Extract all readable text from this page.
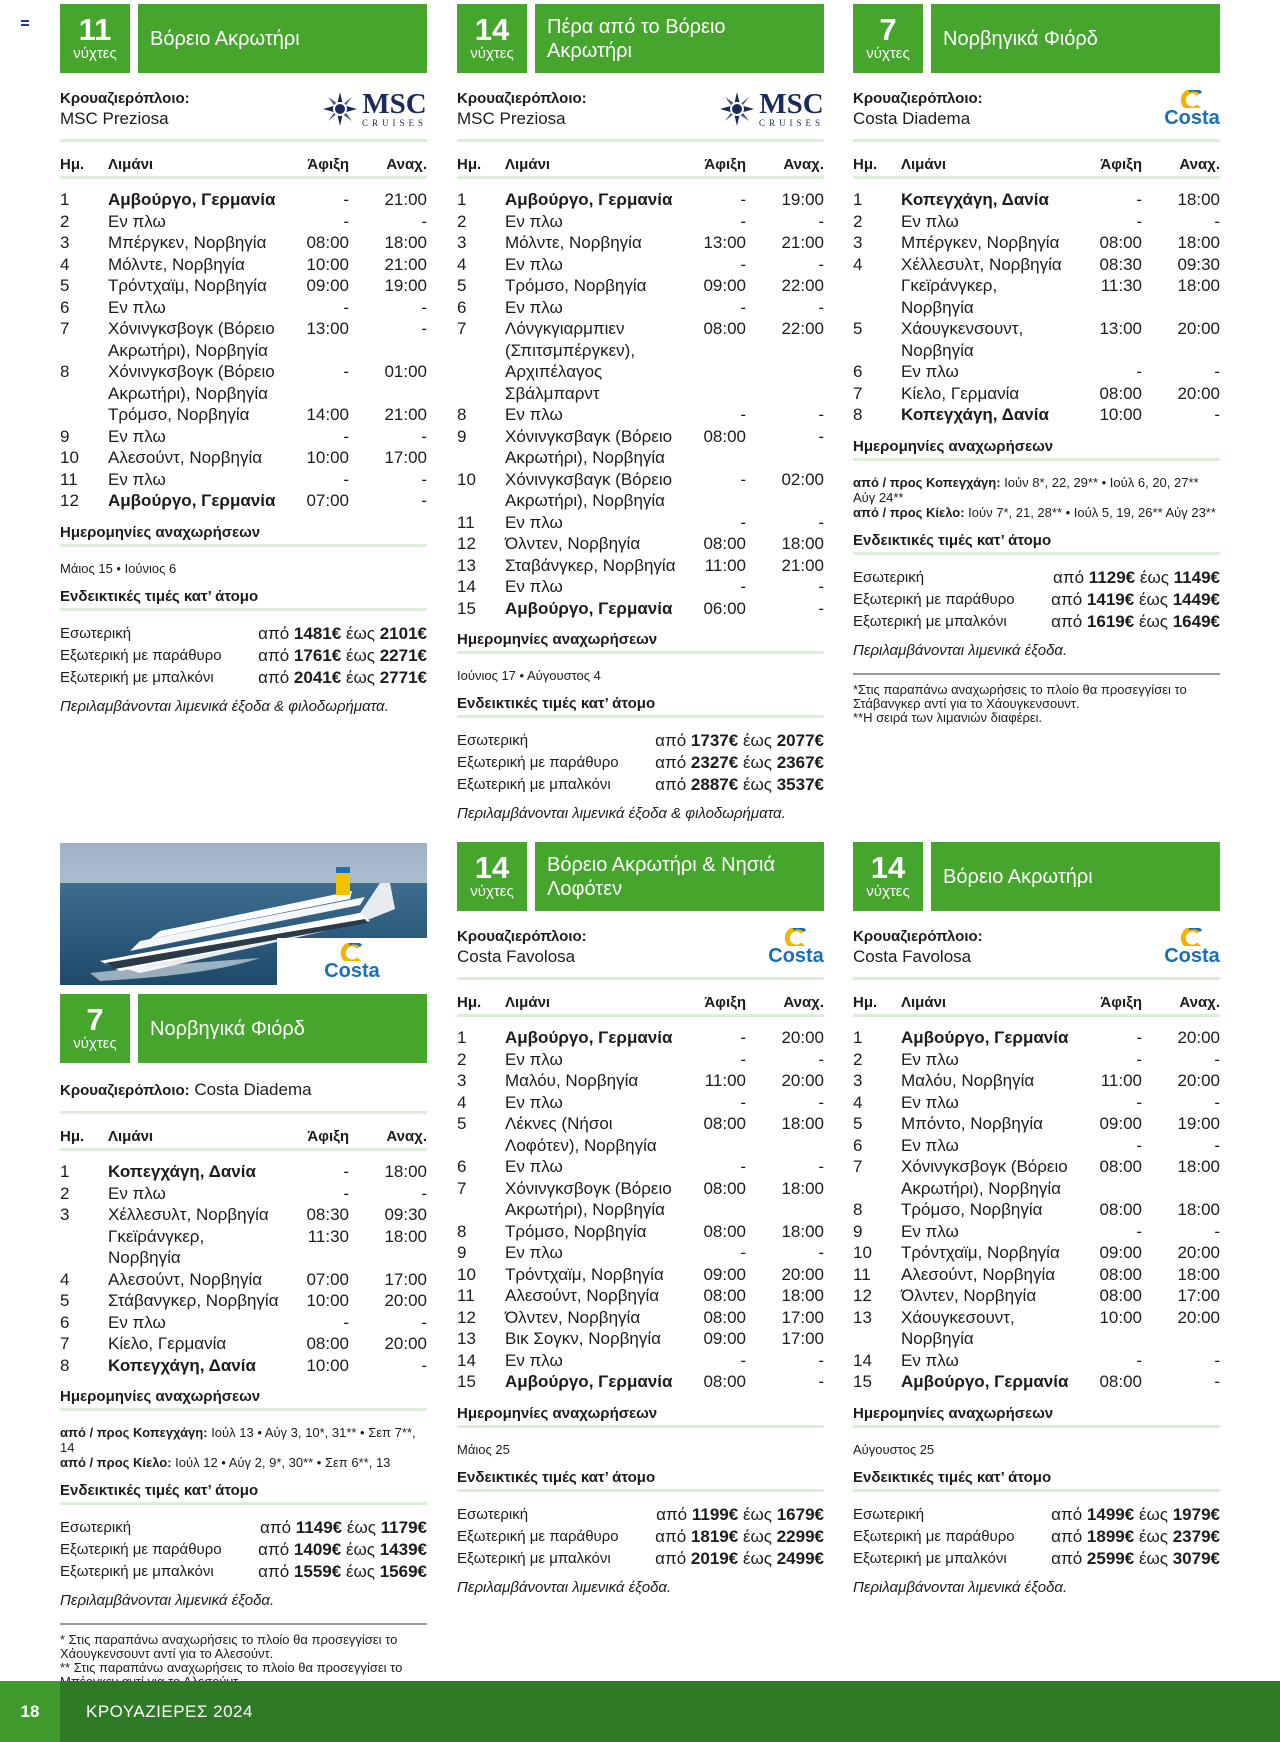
11
νύχτες
Βόρειο Ακρωτήρι
Κρουαζιερόπλοιο:
MSC Preziosa	MSC
CRUISES
Ημ.	Λιμάνι	Άφιξη	Αναχ.

1	Αμβούργο, Γερμανία	-	21:00
2	Εν πλω	-	-
3	Μπέργκεν, Νορβηγία	08:00	18:00
4	Μόλντε, Νορβηγία	10:00	21:00
5	Τρόντχαϊμ, Νορβηγία	09:00	19:00
6	Εν πλω	-	-
7	Χόνινγκσβογκ (Βόρειο Ακρωτήρι), Νορβηγία	13:00	-
8	Χόνινγκσβογκ (Βόρειο Ακρωτήρι), Νορβηγία	-	01:00
	Τρόμσο, Νορβηγία	14:00	21:00
9	Εν πλω	-	-
10	Αλεσούντ, Νορβηγία	10:00	17:00
11	Εν πλω	-	-
12	Αμβούργο, Γερμανία	07:00	-
Ημερομηνίες αναχωρήσεων
Μάιος 15 • Ιούνιος 6
Ενδεικτικές τιμές κατ’ άτομο
Εσωτερική	από 1481€ έως 2101€
Εξωτερική με παράθυρο	από 1761€ έως 2271€
Εξωτερική με μπαλκόνι	από 2041€ έως 2771€
Περιλαμβάνονται λιμενικά έξοδα & φιλοδωρήματα.
14
νύχτες
Πέρα από το Βόρειο Ακρωτήρι
Κρουαζιερόπλοιο:
MSC Preziosa	MSC
CRUISES
Ημ.	Λιμάνι	Άφιξη	Αναχ.

1	Αμβούργο, Γερμανία	-	19:00
2	Εν πλω	-	-
3	Μόλντε, Νορβηγία	13:00	21:00
4	Εν πλω	-	-
5	Τρόμσο, Νορβηγία	09:00	22:00
6	Εν πλω	-	-
7	Λόνγκγιαρμπιεν (Σπιτσμπέργκεν), Αρχιπέλαγος Σβάλμπαρντ	08:00	22:00
8	Εν πλω	-	-
9	Χόνινγκσβαγκ (Βόρειο Ακρωτήρι), Νορβηγία	08:00	-
10	Χόνινγκσβαγκ (Βόρειο Ακρωτήρι), Νορβηγία	-	02:00
11	Εν πλω	-	-
12	Όλντεν, Νορβηγία	08:00	18:00
13	Σταβάνγκερ, Νορβηγία	11:00	21:00
14	Εν πλω	-	-
15	Αμβούργο, Γερμανία	06:00	-
Ημερομηνίες αναχωρήσεων
Ιούνιος 17 • Αύγουστος 4
Ενδεικτικές τιμές κατ’ άτομο
Εσωτερική	από 1737€ έως 2077€
Εξωτερική με παράθυρο	από 2327€ έως 2367€
Εξωτερική με μπαλκόνι	από 2887€ έως 3537€
Περιλαμβάνονται λιμενικά έξοδα & φιλοδωρήματα.
7
νύχτες
Νορβηγικά Φιόρδ
Κρουαζιερόπλοιο:
Costa Diadema	Costa
Ημ.	Λιμάνι	Άφιξη	Αναχ.

1	Κοπεγχάγη, Δανία	-	18:00
2	Εν πλω	-	-
3	Μπέργκεν, Νορβηγία	08:00	18:00
4	Χέλλεσυλτ, Νορβηγία	08:30	09:30
	Γκεϊράνγκερ, Νορβηγία	11:30	18:00
5	Χάουγκενσουντ, Νορβηγία	13:00	20:00
6	Εν πλω	-	-
7	Κίελο, Γερμανία	08:00	20:00
8	Κοπεγχάγη, Δανία	10:00	-
Ημερομηνίες αναχωρήσεων
από / προς Κοπεγχάγη: Ιούν 8*, 22, 29** • Ιούλ 6, 20, 27** Αύγ 24**
από / προς Κίελο: Ιούν 7*, 21, 28** • Ιούλ 5, 19, 26** Αύγ 23**
Ενδεικτικές τιμές κατ’ άτομο
Εσωτερική	από 1129€ έως 1149€
Εξωτερική με παράθυρο	από 1419€ έως 1449€
Εξωτερική με μπαλκόνι	από 1619€ έως 1649€
Περιλαμβάνονται λιμενικά έξοδα.
*Στις παραπάνω αναχωρήσεις το πλοίο θα προσεγγίσει το Στάβανγκερ αντί για το Χάουγκενσουντ.
**Η σειρά των λιμανιών διαφέρει.
Costa
7
νύχτες
Νορβηγικά Φιόρδ
Κρουαζιερόπλοιο: Costa Diadema
Ημ.	Λιμάνι	Άφιξη	Αναχ.

1	Κοπεγχάγη, Δανία	-	18:00
2	Εν πλω	-	-
3	Χέλλεσυλτ, Νορβηγία	08:30	09:30
	Γκεϊράνγκερ, Νορβηγία	11:30	18:00
4	Αλεσούντ, Νορβηγία	07:00	17:00
5	Στάβανγκερ, Νορβηγία	10:00	20:00
6	Εν πλω	-	-
7	Κίελο, Γερμανία	08:00	20:00
8	Κοπεγχάγη, Δανία	10:00	-
Ημερομηνίες αναχωρήσεων
από / προς Κοπεγχάγη: Ιούλ 13 • Αύγ 3, 10*, 31** • Σεπ 7**, 14
από / προς Κίελο: Ιούλ 12 • Αύγ 2, 9*, 30** • Σεπ 6**, 13
Ενδεικτικές τιμές κατ’ άτομο
Εσωτερική	από 1149€ έως 1179€
Εξωτερική με παράθυρο	από 1409€ έως 1439€
Εξωτερική με μπαλκόνι	από 1559€ έως 1569€
Περιλαμβάνονται λιμενικά έξοδα.
* Στις παραπάνω αναχωρήσεις το πλοίο θα προσεγγίσει το Χάουγκενσουντ αντί για το Αλεσούντ.
** Στις παραπάνω αναχωρήσεις το πλοίο θα προσεγγίσει το
14
νύχτες
Βόρειο Ακρωτήρι & Νησιά Λοφότεν
Κρουαζιερόπλοιο:
Costa Favolosa	Costa
Ημ.	Λιμάνι	Άφιξη	Αναχ.

1	Αμβούργο, Γερμανία	-	20:00
2	Εν πλω	-	-
3	Μαλόυ, Νορβηγία	11:00	20:00
4	Εν πλω	-	-
5	Λέκνες (Νήσοι Λοφότεν), Νορβηγία	08:00	18:00
6	Εν πλω	-	-
7	Χόνινγκσβογκ (Βόρειο Ακρωτήρι), Νορβηγία	08:00	18:00
8	Τρόμσο, Νορβηγία	08:00	18:00
9	Εν πλω	-	-
10	Τρόντχαϊμ, Νορβηγία	09:00	20:00
11	Αλεσούντ, Νορβηγία	08:00	18:00
12	Όλντεν, Νορβηγία	08:00	17:00
13	Βικ Σογκν, Νορβηγία	09:00	17:00
14	Εν πλω	-	-
15	Αμβούργο, Γερμανία	08:00	-
Ημερομηνίες αναχωρήσεων
Μάιος 25
Ενδεικτικές τιμές κατ’ άτομο
Εσωτερική	από 1199€ έως 1679€
Εξωτερική με παράθυρο	από 1819€ έως 2299€
Εξωτερική με μπαλκόνι	από 2019€ έως 2499€
Περιλαμβάνονται λιμενικά έξοδα.
14
νύχτες
Βόρειο Ακρωτήρι
Κρουαζιερόπλοιο:
Costa Favolosa	Costa
Ημ.	Λιμάνι	Άφιξη	Αναχ.

1	Αμβούργο, Γερμανία	-	20:00
2	Εν πλω	-	-
3	Μαλόυ, Νορβηγία	11:00	20:00
4	Εν πλω	-	-
5	Μπόντο, Νορβηγία	09:00	19:00
6	Εν πλω	-	-
7	Χόνινγκσβογκ (Βόρειο Ακρωτήρι), Νορβηγία	08:00	18:00
8	Τρόμσο, Νορβηγία	08:00	18:00
9	Εν πλω	-	-
10	Τρόντχαϊμ, Νορβηγία	09:00	20:00
11	Αλεσούντ, Νορβηγία	08:00	18:00
12	Όλντεν, Νορβηγία	08:00	17:00
13	Χάουγκεσουντ, Νορβηγία	10:00	20:00
14	Εν πλω	-	-
15	Αμβούργο, Γερμανία	08:00	-
Ημερομηνίες αναχωρήσεων
Αύγουστος 25
Ενδεικτικές τιμές κατ’ άτομο
Εσωτερική	από 1499€ έως 1979€
Εξωτερική με παράθυρο	από 1899€ έως 2379€
Εξωτερική με μπαλκόνι	από 2599€ έως 3079€
Περιλαμβάνονται λιμενικά έξοδα.
18	ΚΡΟΥΑΖΙΕΡΕΣ 2024
